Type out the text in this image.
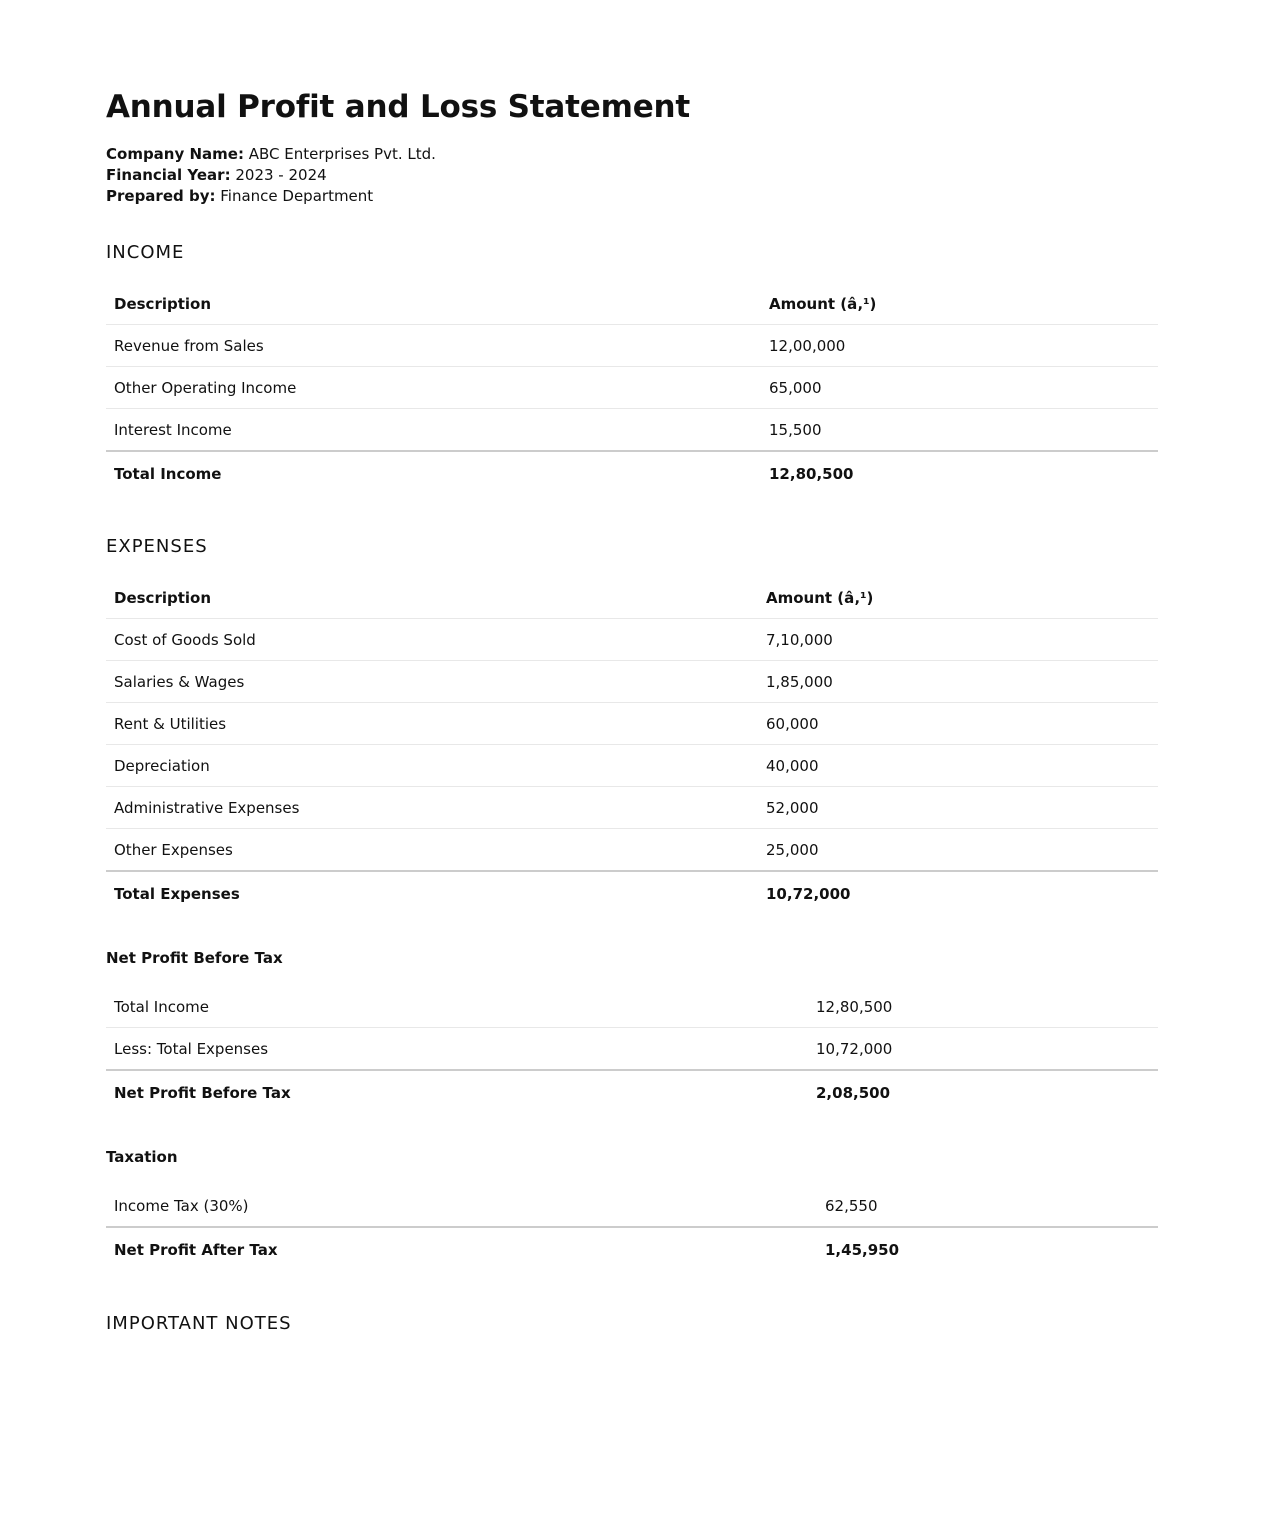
Annual Profit and Loss Statement
Company Name: ABC Enterprises Pvt. Ltd.
Financial Year: 2023 - 2024
Prepared by: Finance Department
INCOME
Description	Amount (â‚¹)
Revenue from Sales	12,00,000
Other Operating Income	65,000
Interest Income	15,500
Total Income	12,80,500
EXPENSES
Description	Amount (â‚¹)
Cost of Goods Sold	7,10,000
Salaries & Wages	1,85,000
Rent & Utilities	60,000
Depreciation	40,000
Administrative Expenses	52,000
Other Expenses	25,000
Total Expenses	10,72,000
Net Profit Before Tax
Total Income	12,80,500
Less: Total Expenses	10,72,000
Net Profit Before Tax	2,08,500
Taxation
Income Tax (30%)	62,550
Net Profit After Tax	1,45,950
IMPORTANT NOTES
